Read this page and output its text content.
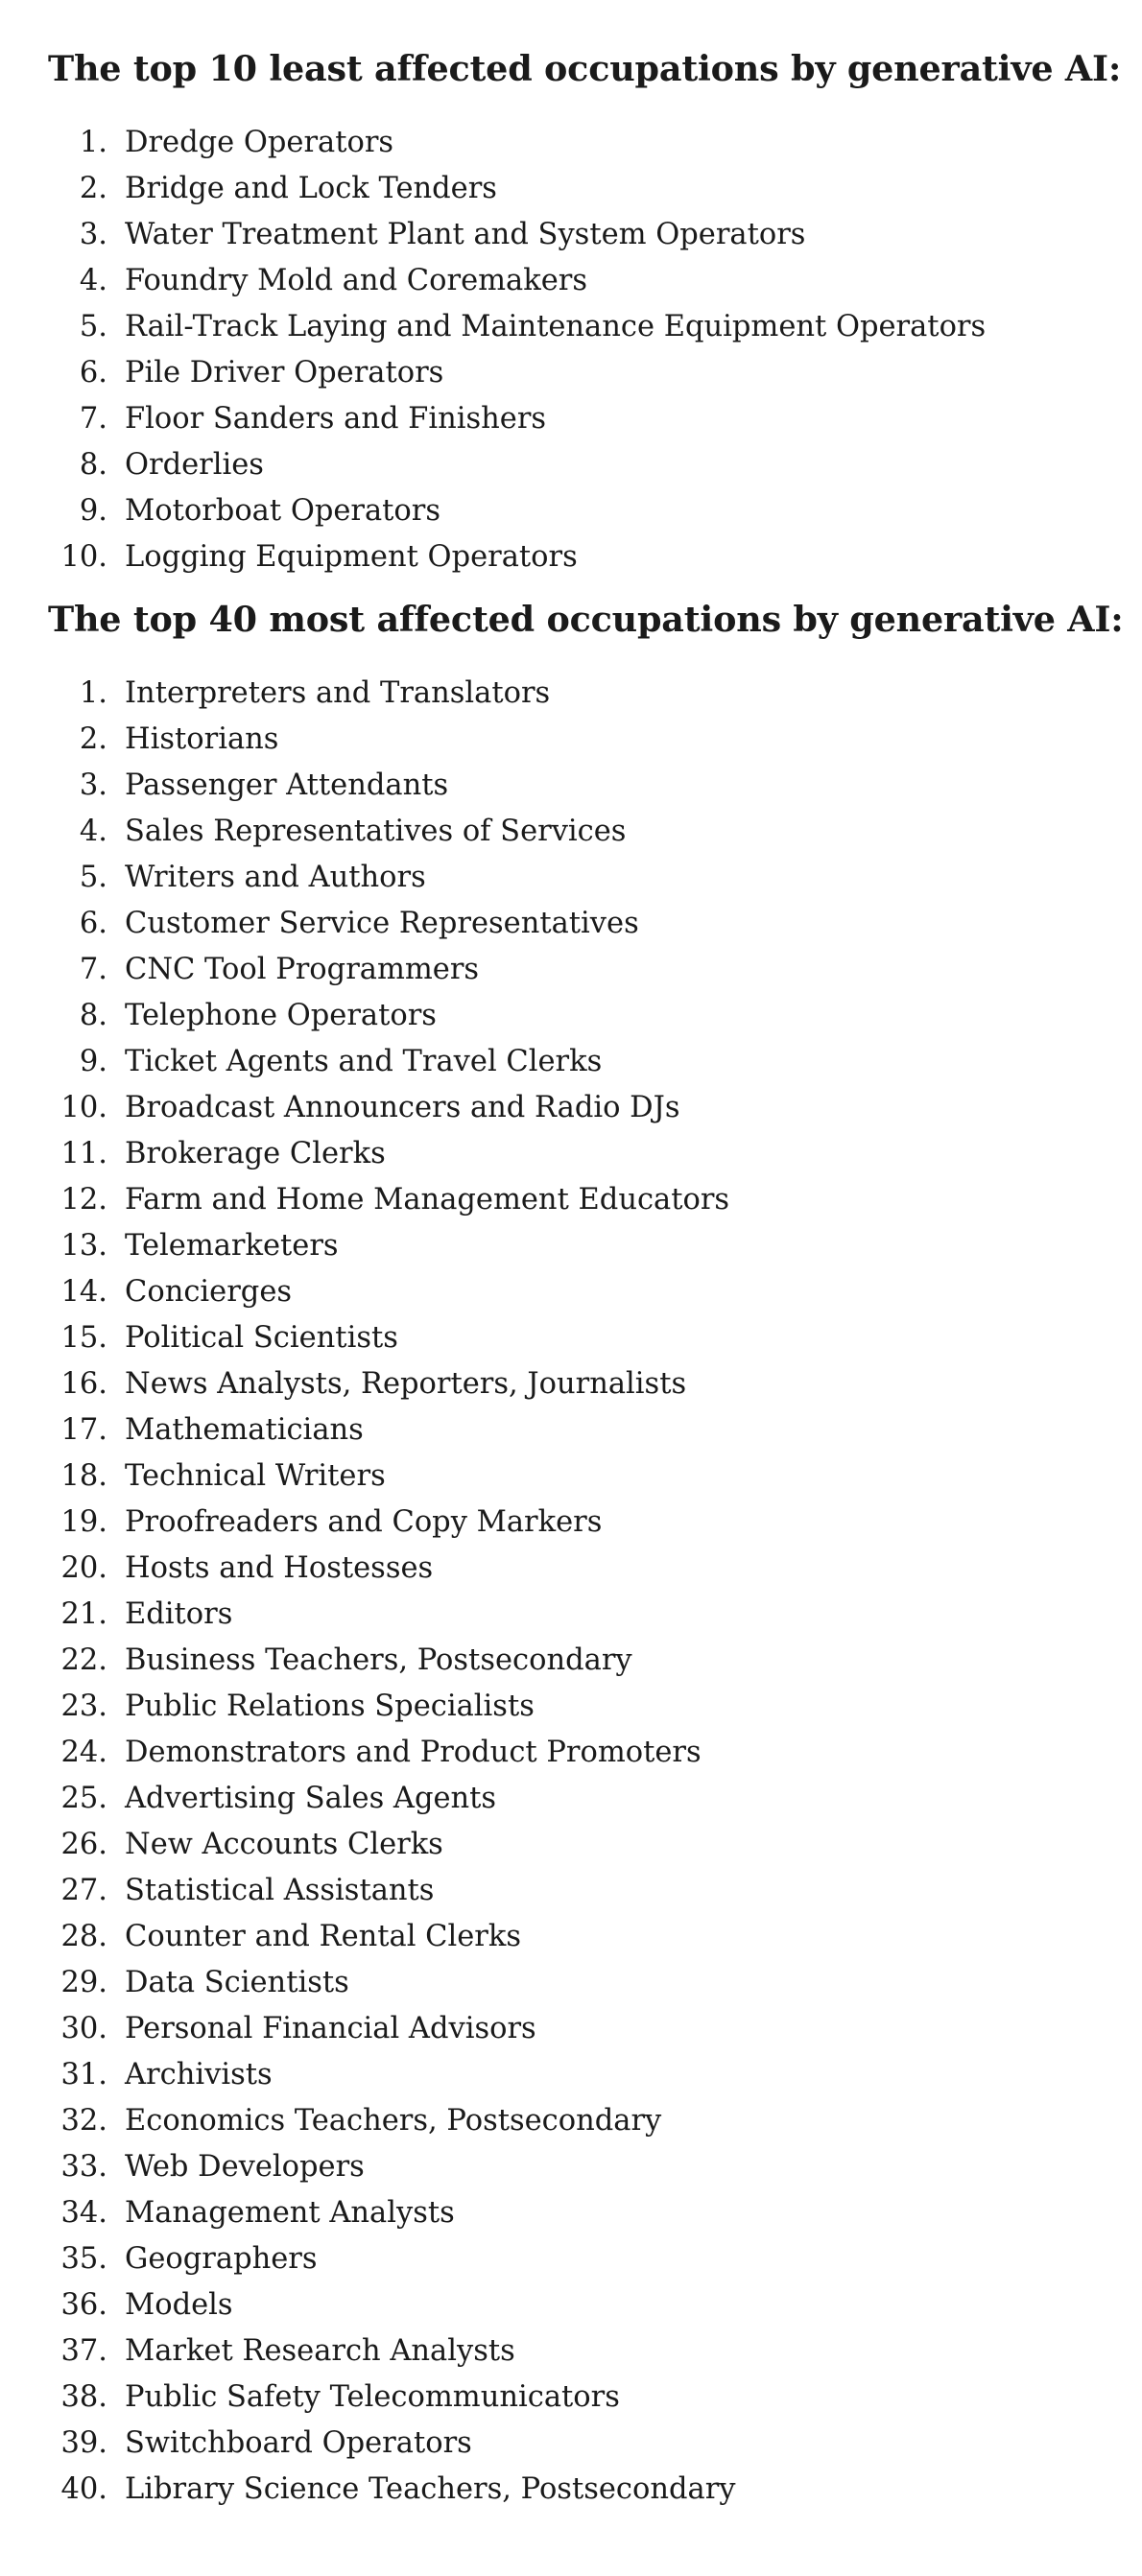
The top 10 least affected occupations by generative AI:
1. Dredge Operators
2. Bridge and Lock Tenders
3. Water Treatment Plant and System Operators
4. Foundry Mold and Coremakers
5. Rail-Track Laying and Maintenance Equipment Operators
6. Pile Driver Operators
7. Floor Sanders and Finishers
8. Orderlies
9. Motorboat Operators
10. Logging Equipment Operators
The top 40 most affected occupations by generative AI:
1. Interpreters and Translators
2. Historians
3. Passenger Attendants
4. Sales Representatives of Services
5. Writers and Authors
6. Customer Service Representatives
7. CNC Tool Programmers
8. Telephone Operators
9. Ticket Agents and Travel Clerks
10. Broadcast Announcers and Radio DJs
11. Brokerage Clerks
12. Farm and Home Management Educators
13. Telemarketers
14. Concierges
15. Political Scientists
16. News Analysts, Reporters, Journalists
17. Mathematicians
18. Technical Writers
19. Proofreaders and Copy Markers
20. Hosts and Hostesses
21. Editors
22. Business Teachers, Postsecondary
23. Public Relations Specialists
24. Demonstrators and Product Promoters
25. Advertising Sales Agents
26. New Accounts Clerks
27. Statistical Assistants
28. Counter and Rental Clerks
29. Data Scientists
30. Personal Financial Advisors
31. Archivists
32. Economics Teachers, Postsecondary
33. Web Developers
34. Management Analysts
35. Geographers
36. Models
37. Market Research Analysts
38. Public Safety Telecommunicators
39. Switchboard Operators
40. Library Science Teachers, Postsecondary
